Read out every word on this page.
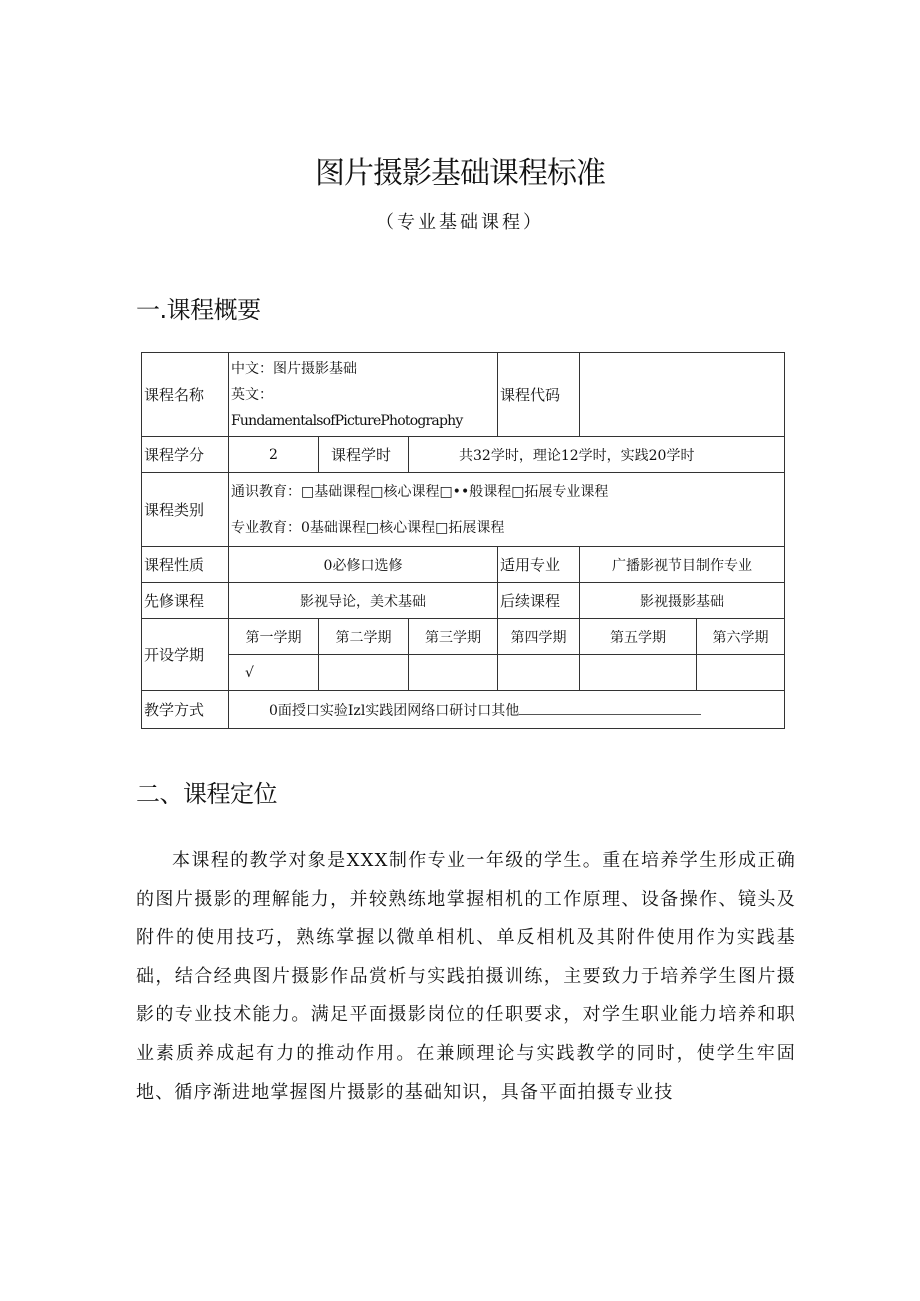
图片摄影基础课程标准
（专业基础课程）
一.课程概要
课程名称	中文：图片摄影基础
英文：
FundamentalsofPicturePhotography			课程代码		
课程学分	2	课程学时	共32学时，理论12学时，实践20学时			
课程类别	通识教育：□基础课程□核心课程□••般课程□拓展专业课程
专业教育：0基础课程□核心课程□拓展课程					

课程性质	0必修口选修			适用专业	广播影视节目制作专业	
先修课程	影视导论，美术基础			后续课程	影视摄影基础	
开设学期	第一学期	第二学期	第三学期	第四学期	第五学期	第六学期
	√					
教学方式	0面授口实验Izl实践团网络口研讨口其他					
二、课程定位

本课程的教学对象是XXX制作专业一年级的学生。重在培养学生形成正确的图片摄影的理解能力，并较熟练地掌握相机的工作原理、设备操作、镜头及附件的使用技巧，熟练掌握以微单相机、单反相机及其附件使用作为实践基础，结合经典图片摄影作品赏析与实践拍摄训练，主要致力于培养学生图片摄影的专业技术能力。满足平面摄影岗位的任职要求，对学生职业能力培养和职业素质养成起有力的推动作用。在兼顾理论与实践教学的同时，使学生牢固地、循序渐进地掌握图片摄影的基础知识，具备平面拍摄专业技
